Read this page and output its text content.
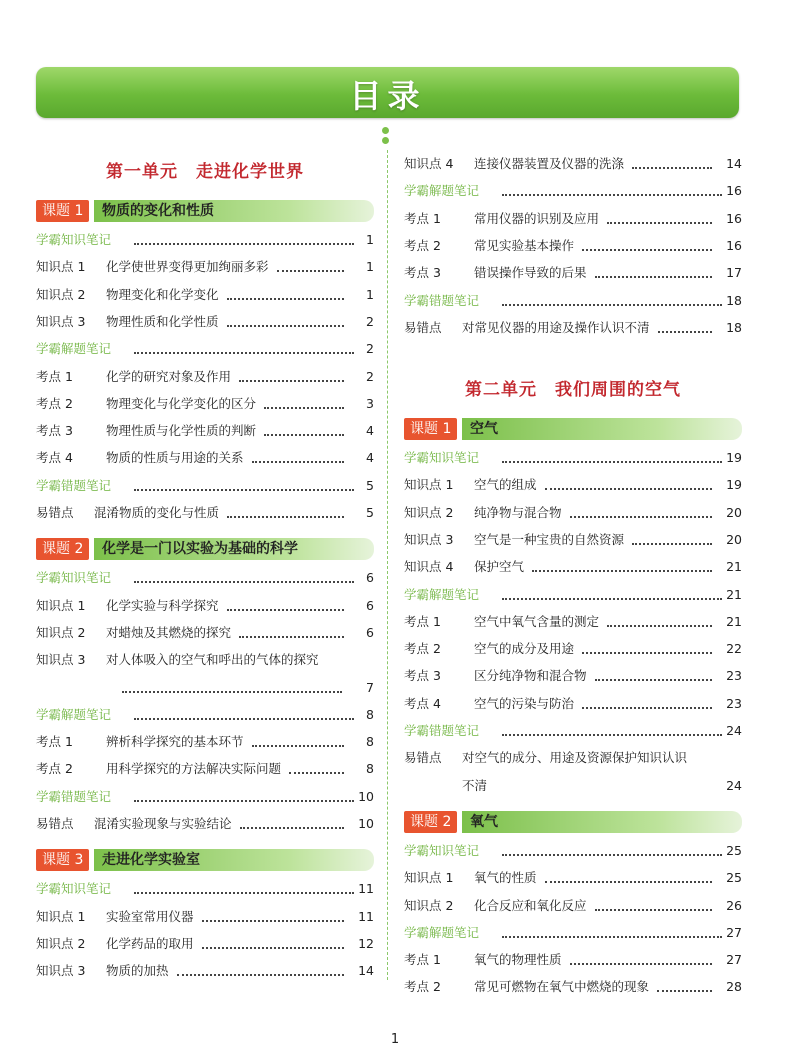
目录
第一单元　走进化学世界
课题 1	物质的变化和性质
学霸知识笔记	1
知识点 1 化学使世界变得更加绚丽多彩	1
知识点 2 物理变化和化学变化	1
知识点 3 物理性质和化学性质	2
学霸解题笔记	2
考点 1	化学的研究对象及作用	2
考点 2	物理变化与化学变化的区分	3
考点 3	物理性质与化学性质的判断	4
考点 4	物质的性质与用途的关系	4
学霸错题笔记	5
易错点 混淆物质的变化与性质	5
课题 2	化学是一门以实验为基础的科学
学霸知识笔记	6
知识点 1 化学实验与科学探究	6
知识点 2 对蜡烛及其燃烧的探究	6
知识点 3 对人体吸入的空气和呼出的气体的探究
7
学霸解题笔记	8
考点 1	辨析科学探究的基本环节	8
考点 2	用科学探究的方法解决实际问题	8
学霸错题笔记	10
易错点 混淆实验现象与实验结论	10
课题 3	走进化学实验室
学霸知识笔记	11
知识点 1 实验室常用仪器	11
知识点 2 化学药品的取用	12
知识点 3 物质的加热	14
知识点 4 连接仪器装置及仪器的洗涤	14
学霸解题笔记	16
考点 1	常用仪器的识别及应用	16
考点 2	常见实验基本操作	16
考点 3	错误操作导致的后果	17
学霸错题笔记	18
易错点 对常见仪器的用途及操作认识不清	18
第二单元　我们周围的空气
课题 1	空气
学霸知识笔记	19
知识点 1 空气的组成	19
知识点 2 纯净物与混合物	20
知识点 3 空气是一种宝贵的自然资源	20
知识点 4 保护空气	21
学霸解题笔记	21
考点 1	空气中氧气含量的测定	21
考点 2	空气的成分及用途	22
考点 3	区分纯净物和混合物	23
考点 4	空气的污染与防治	23
学霸错题笔记	24
易错点 对空气的成分、用途及资源保护知识认识
不清	24
课题 2	氧气
学霸知识笔记	25
知识点 1 氧气的性质	25
知识点 2 化合反应和氧化反应	26
学霸解题笔记	27
考点 1	氧气的物理性质	27
考点 2	常见可燃物在氧气中燃烧的现象	28
1
